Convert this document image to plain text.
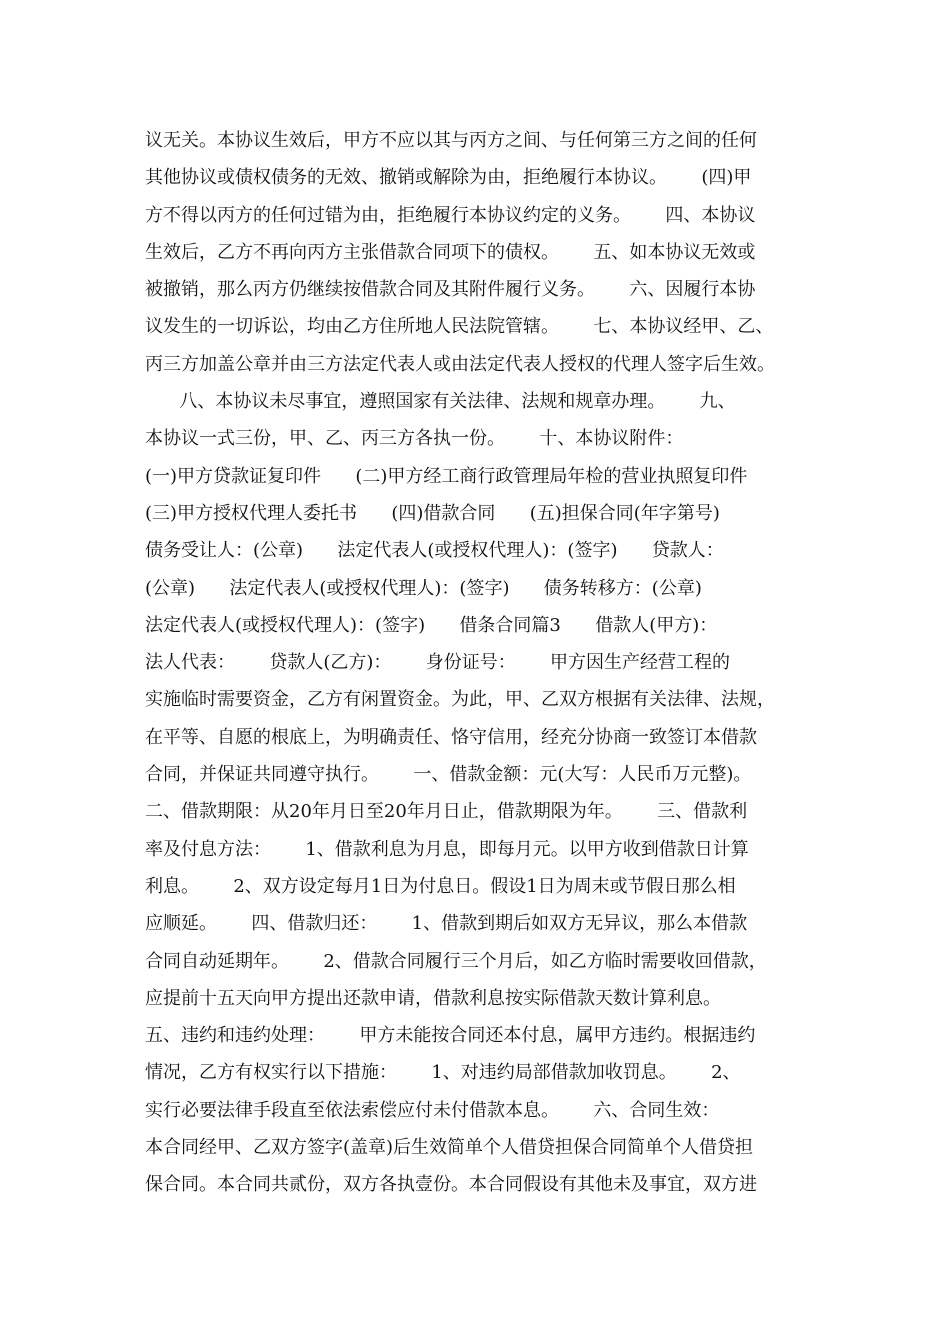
议无关。本协议生效后，甲方不应以其与丙方之间、与任何第三方之间的任何
其他协议或债权债务的无效、撤销或解除为由，拒绝履行本协议。      (四)甲
方不得以丙方的任何过错为由，拒绝履行本协议约定的义务。      四、本协议
生效后，乙方不再向丙方主张借款合同项下的债权。      五、如本协议无效或
被撤销，那么丙方仍继续按借款合同及其附件履行义务。      六、因履行本协
议发生的一切诉讼，均由乙方住所地人民法院管辖。      七、本协议经甲、乙、
丙三方加盖公章并由三方法定代表人或由法定代表人授权的代理人签字后生效。
八、本协议未尽事宜，遵照国家有关法律、法规和规章办理。      九、
本协议一式三份，甲、乙、丙三方各执一份。      十、本协议附件：
(一)甲方贷款证复印件      (二)甲方经工商行政管理局年检的营业执照复印件
(三)甲方授权代理人委托书      (四)借款合同      (五)担保合同(年字第号)
债务受让人：(公章)      法定代表人(或授权代理人)：(签字)      贷款人：
(公章)      法定代表人(或授权代理人)：(签字)      债务转移方：(公章)
法定代表人(或授权代理人)：(签字)      借条合同篇3      借款人(甲方)：
法人代表：      贷款人(乙方)：      身份证号：      甲方因生产经营工程的
实施临时需要资金，乙方有闲置资金。为此，甲、乙双方根据有关法律、法规，
在平等、自愿的根底上，为明确责任、恪守信用，经充分协商一致签订本借款
合同，并保证共同遵守执行。      一、借款金额：元(大写：人民币万元整)。
二、借款期限：从20年月日至20年月日止，借款期限为年。      三、借款利
率及付息方法：      1、借款利息为月息，即每月元。以甲方收到借款日计算
利息。      2、双方设定每月1日为付息日。假设1日为周末或节假日那么相
应顺延。      四、借款归还：      1、借款到期后如双方无异议，那么本借款
合同自动延期年。      2、借款合同履行三个月后，如乙方临时需要收回借款，
应提前十五天向甲方提出还款申请，借款利息按实际借款天数计算利息。
五、违约和违约处理：      甲方未能按合同还本付息，属甲方违约。根据违约
情况，乙方有权实行以下措施：      1、对违约局部借款加收罚息。      2、
实行必要法律手段直至依法索偿应付未付借款本息。      六、合同生效：
本合同经甲、乙双方签字(盖章)后生效简单个人借贷担保合同简单个人借贷担
保合同。本合同共贰份，双方各执壹份。本合同假设有其他未及事宜，双方进
